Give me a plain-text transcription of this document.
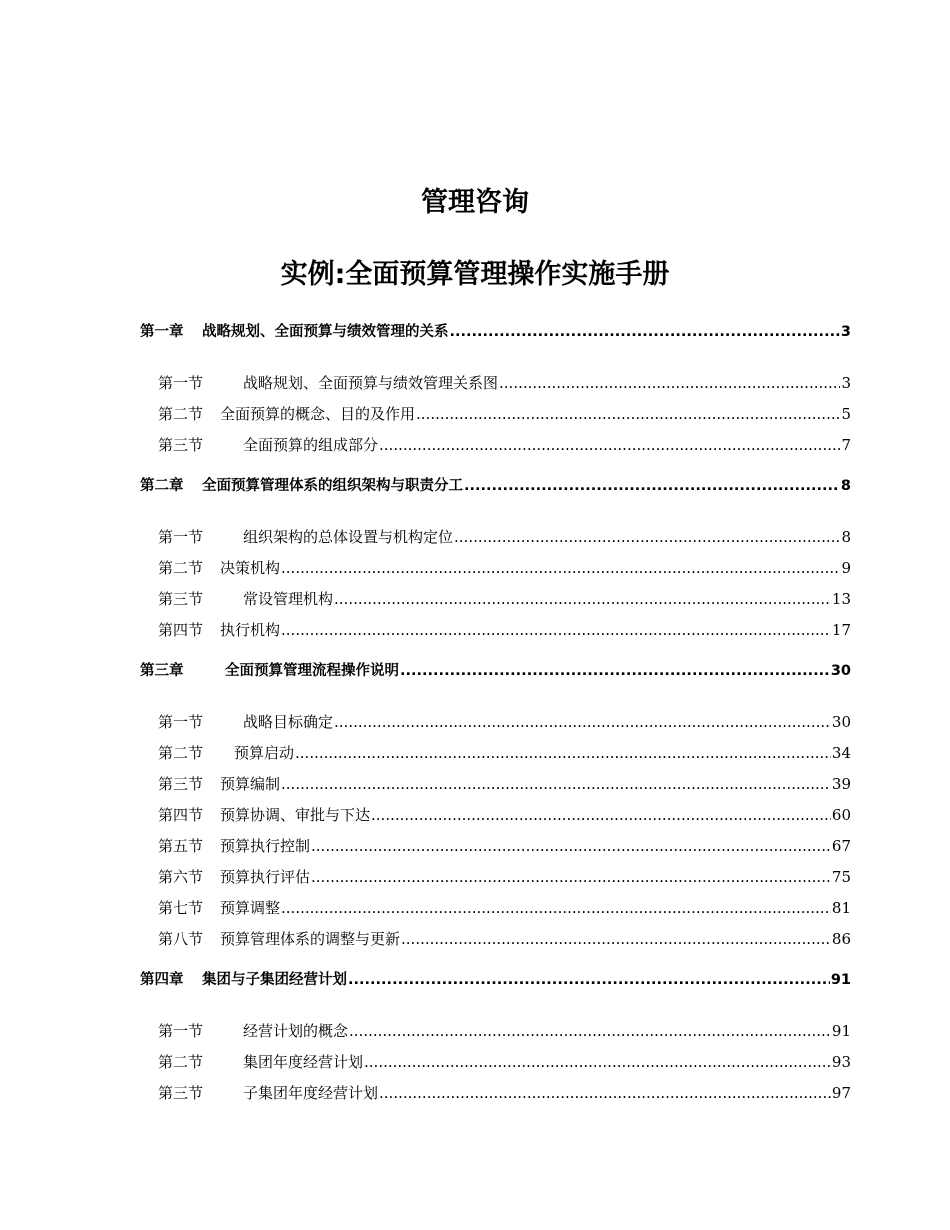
管理咨询
实例:全面预算管理操作实施手册
第一章	战略规划、全面预算与绩效管理的关系 .....	3
第一节	战略规划、全面预算与绩效管理关系图 .....	3
第二节	全面预算的概念、目的及作用 .....	5
第三节	全面预算的组成部分 .....	7
第二章	全面预算管理体系的组织架构与职责分工 .....	8
第一节	组织架构的总体设置与机构定位 .....	8
第二节	决策机构 .....	9
第三节	常设管理机构 .....	13
第四节	执行机构 .....	17
第三章	全面预算管理流程操作说明 .....	30
第一节	战略目标确定 .....	30
第二节	预算启动 .....	34
第三节	预算编制 .....	39
第四节	预算协调、审批与下达 .....	60
第五节	预算执行控制 .....	67
第六节	预算执行评估 .....	75
第七节	预算调整 .....	81
第八节	预算管理体系的调整与更新 .....	86
第四章	集团与子集团经营计划 .....	91
第一节	经营计划的概念 .....	91
第二节	集团年度经营计划 .....	93
第三节	子集团年度经营计划 .....	97
